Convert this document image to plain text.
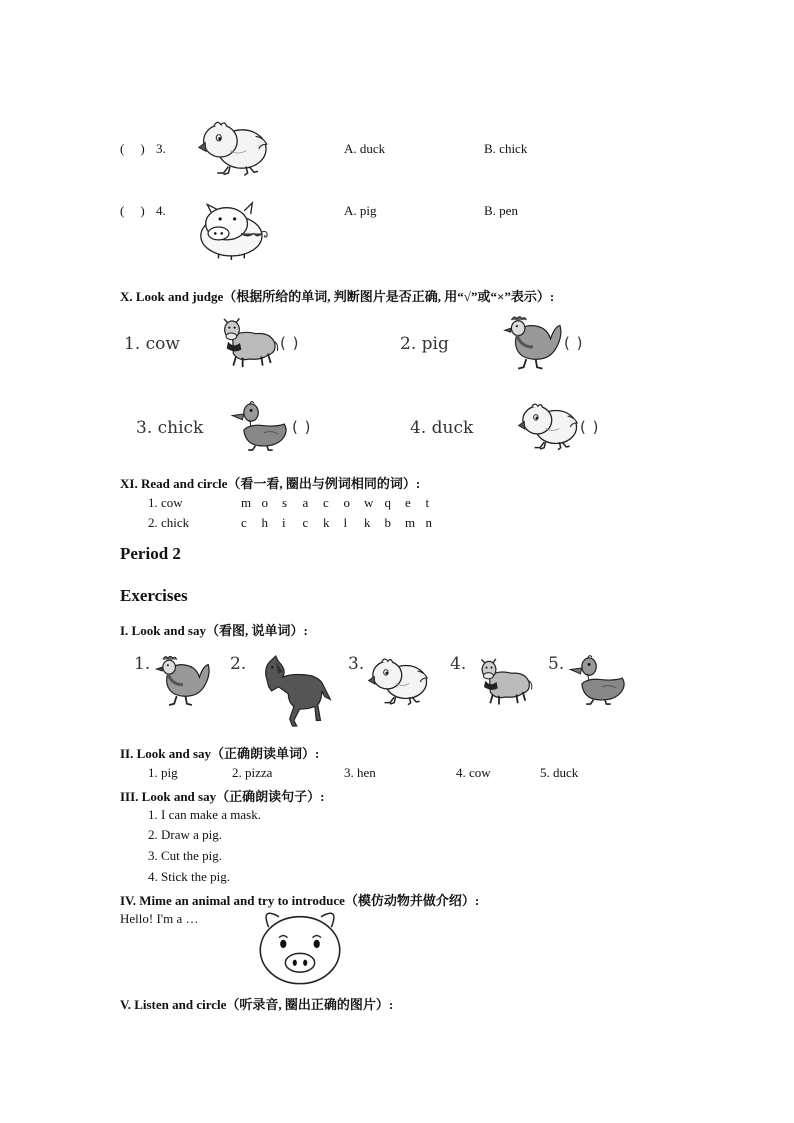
( ) 3.	A. duck	B. chick
( ) 4.	A. pig	B. pen
X. Look and judge（根据所给的单词, 判断图片是否正确, 用“√”或“×”表示）:
1. cow	( )	2. pig	( )
3. chick	( )	4. duck	( )
XI. Read and circle（看一看, 圈出与例词相同的词）:
1. cow	m o s a c o w q e t
2. chick	c h i c k l k b m n
Period 2
Exercises
I. Look and say（看图, 说单词）:
1.	2.	3.	4.	5.
II. Look and say（正确朗读单词）:
1. pig	2. pizza	3. hen	4. cow	5. duck
III. Look and say（正确朗读句子）:
1. I can make a mask.
2. Draw a pig.
3. Cut the pig.
4. Stick the pig.
IV. Mime an animal and try to introduce（模仿动物并做介绍）:
Hello! I'm a …
V. Listen and circle（听录音, 圈出正确的图片）:
